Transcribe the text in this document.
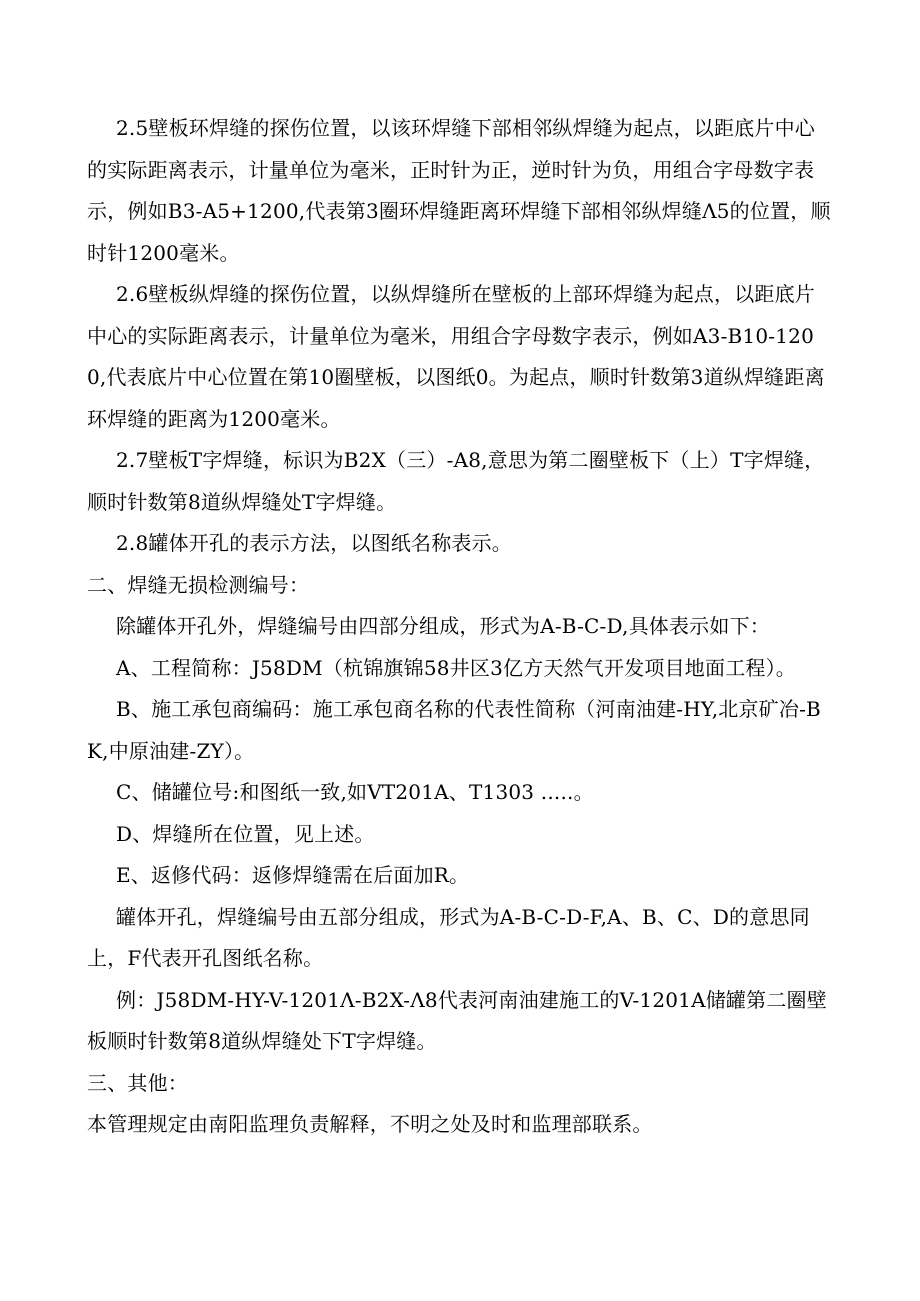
2.5壁板环焊缝的探伤位置，以该环焊缝下部相邻纵焊缝为起点，以距底片中心的实际距离表示，计量单位为毫米，正时针为正，逆时针为负，用组合字母数字表示，例如B3-A5+1200,代表第3圈环焊缝距离环焊缝下部相邻纵焊缝Λ5的位置，顺时针1200毫米。

2.6壁板纵焊缝的探伤位置，以纵焊缝所在壁板的上部环焊缝为起点，以距底片中心的实际距离表示，计量单位为毫米，用组合字母数字表示，例如A3-B10-1200,代表底片中心位置在第10圈壁板，以图纸0。为起点，顺时针数第3道纵焊缝距离环焊缝的距离为1200毫米。

2.7壁板T字焊缝，标识为B2X（三）-A8,意思为第二圈壁板下（上）T字焊缝，顺时针数第8道纵焊缝处T字焊缝。

2.8罐体开孔的表示方法，以图纸名称表示。

二、焊缝无损检测编号：

除罐体开孔外，焊缝编号由四部分组成，形式为A-B-C-D,具体表示如下：

A、工程简称：J58DM（杭锦旗锦58井区3亿方天然气开发项目地面工程）。

B、施工承包商编码：施工承包商名称的代表性简称（河南油建-HY,北京矿冶-BK,中原油建-ZY）。

C、储罐位号:和图纸一致,如VT201A、T1303 .....。

D、焊缝所在位置，见上述。

E、返修代码：返修焊缝需在后面加R。

罐体开孔，焊缝编号由五部分组成，形式为A-B-C-D-F,A、B、C、D的意思同上，F代表开孔图纸名称。

例：J58DM-HY-V-1201Λ-B2X-Λ8代表河南油建施工的V-1201A储罐第二圈壁板顺时针数第8道纵焊缝处下T字焊缝。

三、其他：

本管理规定由南阳监理负责解释，不明之处及时和监理部联系。
